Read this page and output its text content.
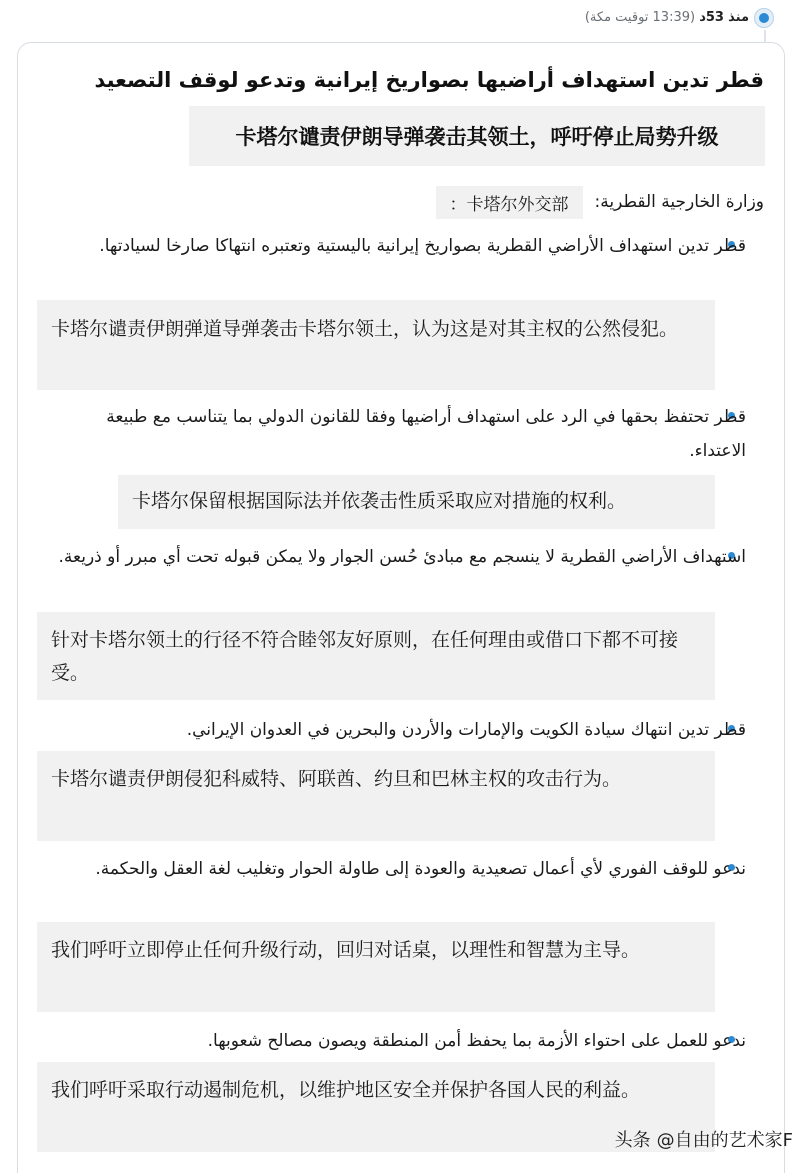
منذ 53د (13:39 توقيت مكة)
قطر تدين استهداف أراضيها بصواريخ إيرانية وتدعو لوقف التصعيد
卡塔尔谴责伊朗导弹袭击其领土，呼吁停止局势升级
وزارة الخارجية القطرية:
：卡塔尔外交部
قطر تدين استهداف الأراضي القطرية بصواريخ إيرانية باليستية وتعتبره انتهاكا صارخا لسيادتها.
卡塔尔谴责伊朗弹道导弹袭击卡塔尔领土，认为这是对其主权的公然侵犯。
قطر تحتفظ بحقها في الرد على استهداف أراضيها وفقا للقانون الدولي بما يتناسب مع طبيعة الاعتداء.
卡塔尔保留根据国际法并依袭击性质采取应对措施的权利。
استهداف الأراضي القطرية لا ينسجم مع مبادئ حُسن الجوار ولا يمكن قبوله تحت أي مبرر أو ذريعة.
针对卡塔尔领土的行径不符合睦邻友好原则，在任何理由或借口下都不可接受。
قطر تدين انتهاك سيادة الكويت والإمارات والأردن والبحرين في العدوان الإيراني.
卡塔尔谴责伊朗侵犯科威特、阿联酋、约旦和巴林主权的攻击行为。
ندعو للوقف الفوري لأي أعمال تصعيدية والعودة إلى طاولة الحوار وتغليب لغة العقل والحكمة.
我们呼吁立即停止任何升级行动，回归对话桌，以理性和智慧为主导。
ندعو للعمل على احتواء الأزمة بما يحفظ أمن المنطقة ويصون مصالح شعوبها.
我们呼吁采取行动遏制危机，以维护地区安全并保护各国人民的利益。
头条 @自由的艺术家F
